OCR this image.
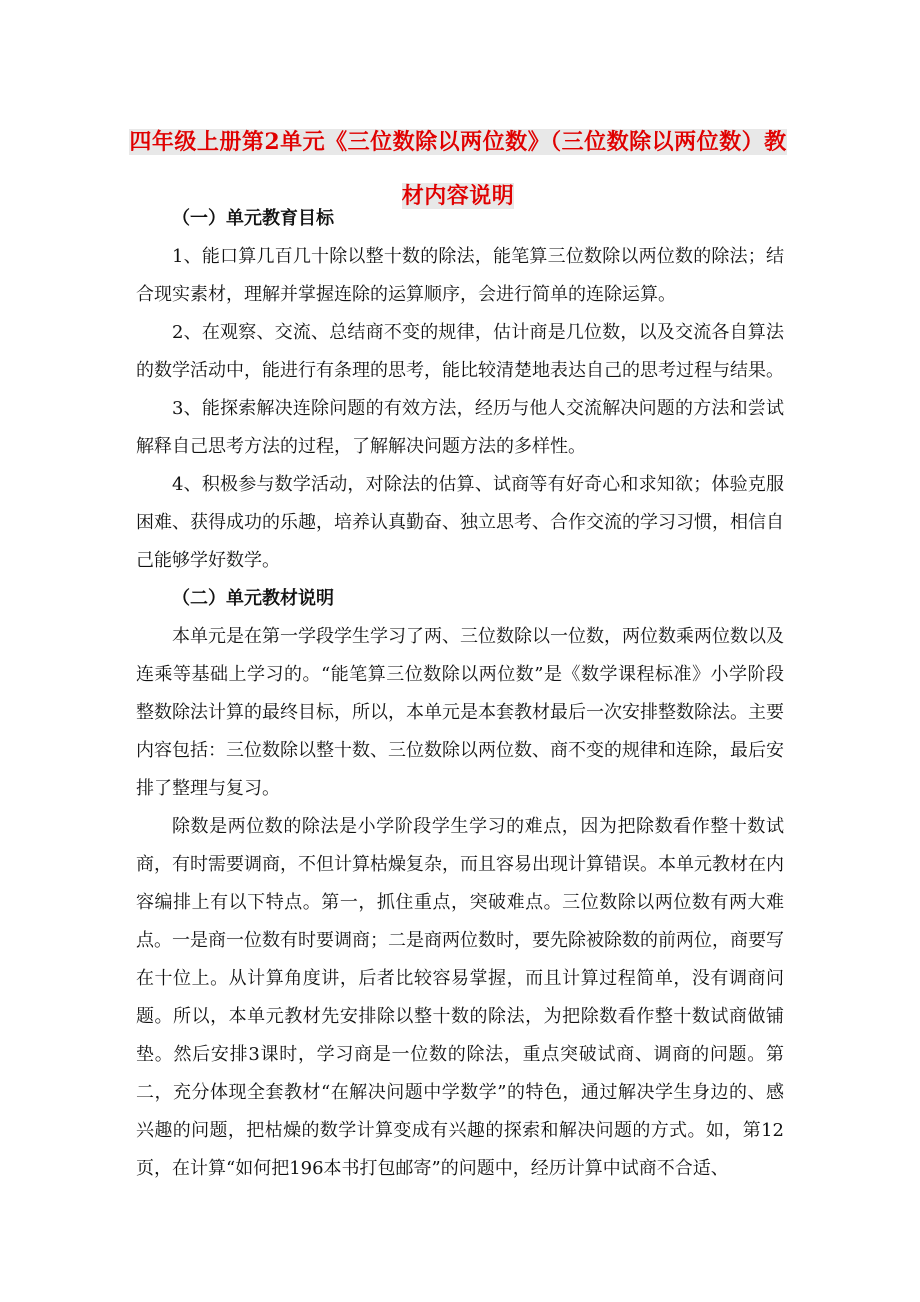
四年级上册第2单元《三位数除以两位数》（三位数除以两位数）教材内容说明

（一）单元教育目标

1、能口算几百几十除以整十数的除法，能笔算三位数除以两位数的除法；结合现实素材，理解并掌握连除的运算顺序，会进行简单的连除运算。

2、在观察、交流、总结商不变的规律，估计商是几位数，以及交流各自算法的数学活动中，能进行有条理的思考，能比较清楚地表达自己的思考过程与结果。

3、能探索解决连除问题的有效方法，经历与他人交流解决问题的方法和尝试解释自己思考方法的过程，了解解决问题方法的多样性。

4、积极参与数学活动，对除法的估算、试商等有好奇心和求知欲；体验克服困难、获得成功的乐趣，培养认真勤奋、独立思考、合作交流的学习习惯，相信自己能够学好数学。

（二）单元教材说明

本单元是在第一学段学生学习了两、三位数除以一位数，两位数乘两位数以及连乘等基础上学习的。“能笔算三位数除以两位数”是《数学课程标准》小学阶段整数除法计算的最终目标，所以，本单元是本套教材最后一次安排整数除法。主要内容包括：三位数除以整十数、三位数除以两位数、商不变的规律和连除，最后安排了整理与复习。

除数是两位数的除法是小学阶段学生学习的难点，因为把除数看作整十数试商，有时需要调商，不但计算枯燥复杂，而且容易出现计算错误。本单元教材在内容编排上有以下特点。第一，抓住重点，突破难点。三位数除以两位数有两大难点。一是商一位数有时要调商；二是商两位数时，要先除被除数的前两位，商要写在十位上。从计算角度讲，后者比较容易掌握，而且计算过程简单，没有调商问题。所以，本单元教材先安排除以整十数的除法，为把除数看作整十数试商做铺垫。然后安排3课时，学习商是一位数的除法，重点突破试商、调商的问题。第二，充分体现全套教材“在解决问题中学数学”的特色，通过解决学生身边的、感兴趣的问题，把枯燥的数学计算变成有兴趣的探索和解决问题的方式。如，第12页，在计算“如何把196本书打包邮寄”的问题中，经历计算中试商不合适、
